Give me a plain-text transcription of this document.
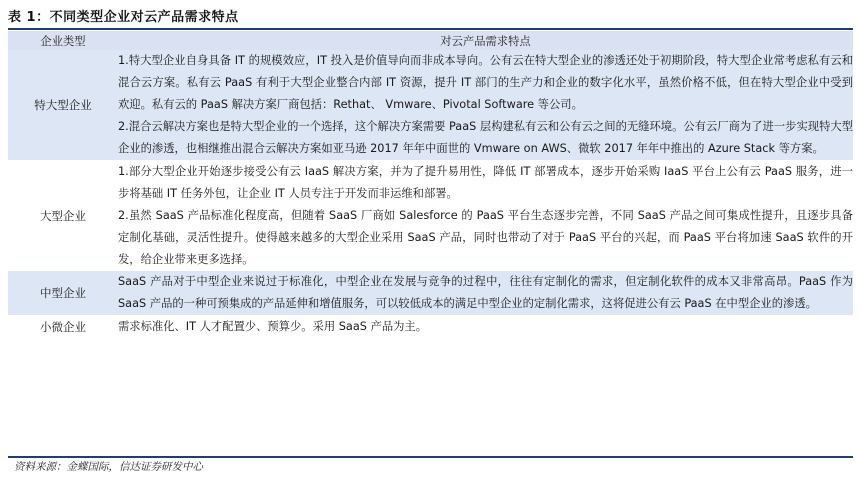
表 1：不同类型企业对云产品需求特点
企业类型	对云产品需求特点
特大型企业	1.特大型企业自身具备 IT 的规模效应，IT 投入是价值导向而非成本导向。公有云在特大型企业的渗透还处于初期阶段，特大型企业常考虑私有云和混合云方案。私有云 PaaS 有利于大型企业整合内部 IT 资源，提升 IT 部门的生产力和企业的数字化水平，虽然价格不低，但在特大型企业中受到欢迎。私有云的 PaaS 解决方案厂商包括：Rethat、 Vmware、Pivotal Software 等公司。

2.混合云解决方案也是特大型企业的一个选择，这个解决方案需要 PaaS 层构建私有云和公有云之间的无缝环境。公有云厂商为了进一步实现特大型企业的渗透，也相继推出混合云解决方案如亚马逊 2017 年年中面世的 Vmware on AWS、微软 2017 年年中推出的 Azure Stack 等方案。

大型企业	1.部分大型企业开始逐步接受公有云 IaaS 解决方案，并为了提升易用性，降低 IT 部署成本，逐步开始采购 IaaS 平台上公有云 PaaS 服务，进一步将基础 IT 任务外包，让企业 IT 人员专注于开发而非运维和部署。

2.虽然 SaaS 产品标准化程度高，但随着 SaaS 厂商如 Salesforce 的 PaaS 平台生态逐步完善，不同 SaaS 产品之间可集成性提升，且逐步具备定制化基础，灵活性提升。使得越来越多的大型企业采用 SaaS 产品，同时也带动了对于 PaaS 平台的兴起，而 PaaS 平台将加速 SaaS 软件的开发，给企业带来更多选择。

中型企业	SaaS 产品对于中型企业来说过于标准化，中型企业在发展与竞争的过程中，往往有定制化的需求，但定制化软件的成本又非常高昂。PaaS 作为 SaaS 产品的一种可预集成的产品延伸和增值服务，可以较低成本的满足中型企业的定制化需求，这将促进公有云 PaaS 在中型企业的渗透。

小微企业	需求标准化、IT 人才配置少、预算少。采用 SaaS 产品为主。

资料来源：金蝶国际，信达证券研发中心
